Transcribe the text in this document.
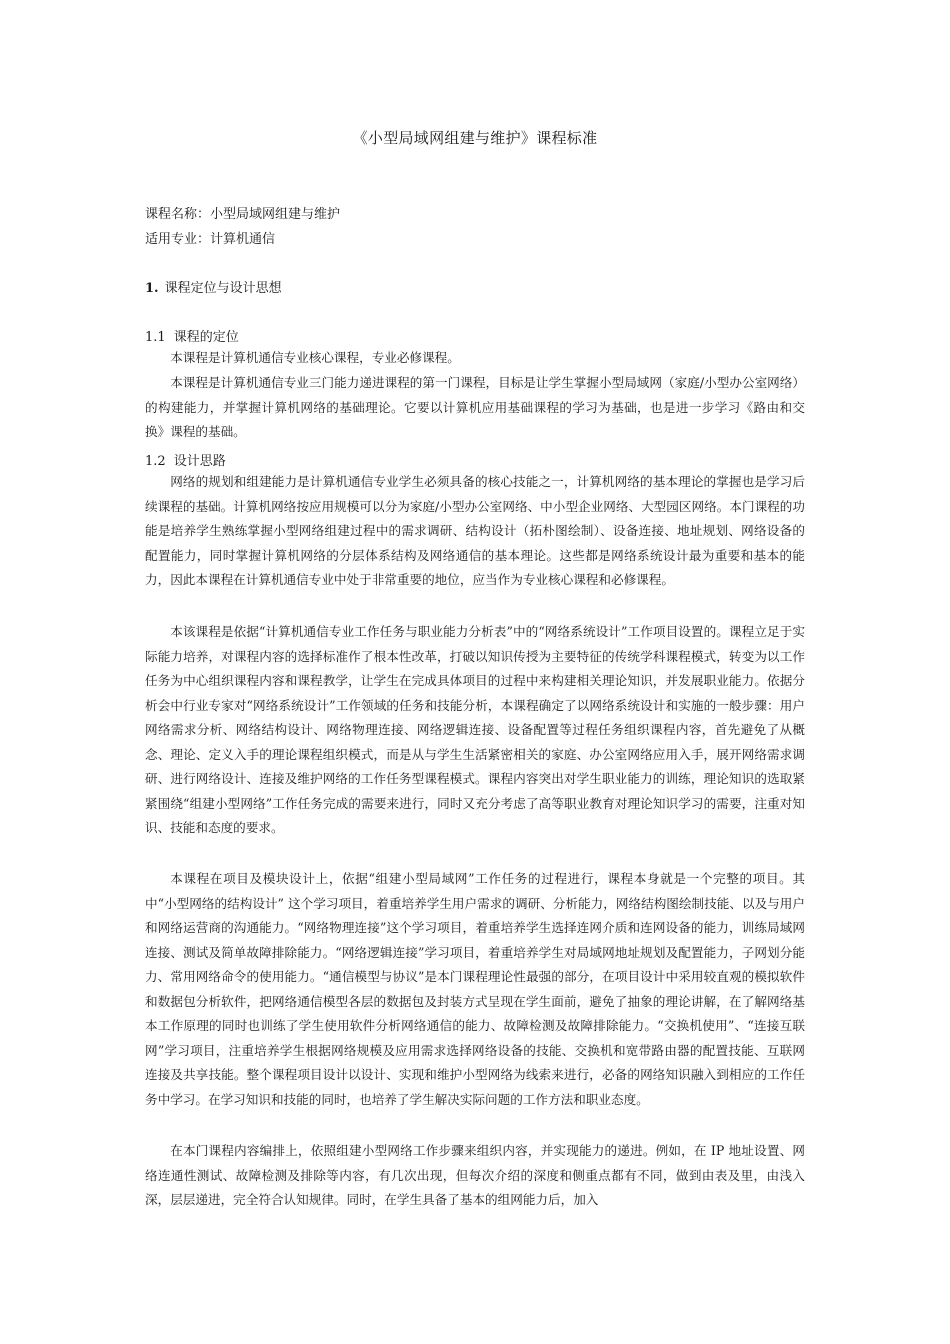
《小型局域网组建与维护》课程标准
课程名称：小型局域网组建与维护
适用专业：计算机通信
1. 课程定位与设计思想
1.1 课程的定位

本课程是计算机通信专业核心课程，专业必修课程。

本课程是计算机通信专业三门能力递进课程的第一门课程，目标是让学生掌握小型局域网（家庭/小型办公室网络）的构建能力，并掌握计算机网络的基础理论。它要以计算机应用基础课程的学习为基础，也是进一步学习《路由和交换》课程的基础。

1.2 设计思路

网络的规划和组建能力是计算机通信专业学生必须具备的核心技能之一，计算机网络的基本理论的掌握也是学习后续课程的基础。计算机网络按应用规模可以分为家庭/小型办公室网络、中小型企业网络、大型园区网络。本门课程的功能是培养学生熟练掌握小型网络组建过程中的需求调研、结构设计（拓朴图绘制）、设备连接、地址规划、网络设备的配置能力，同时掌握计算机网络的分层体系结构及网络通信的基本理论。这些都是网络系统设计最为重要和基本的能力，因此本课程在计算机通信专业中处于非常重要的地位，应当作为专业核心课程和必修课程。

本该课程是依据“计算机通信专业工作任务与职业能力分析表”中的“网络系统设计”工作项目设置的。课程立足于实际能力培养，对课程内容的选择标准作了根本性改革，打破以知识传授为主要特征的传统学科课程模式，转变为以工作任务为中心组织课程内容和课程教学，让学生在完成具体项目的过程中来构建相关理论知识，并发展职业能力。依据分析会中行业专家对“网络系统设计”工作领域的任务和技能分析，本课程确定了以网络系统设计和实施的一般步骤：用户网络需求分析、网络结构设计、网络物理连接、网络逻辑连接、设备配置等过程任务组织课程内容，首先避免了从概念、理论、定义入手的理论课程组织模式，而是从与学生生活紧密相关的家庭、办公室网络应用入手，展开网络需求调研、进行网络设计、连接及维护网络的工作任务型课程模式。课程内容突出对学生职业能力的训练，理论知识的选取紧紧围绕“组建小型网络”工作任务完成的需要来进行，同时又充分考虑了高等职业教育对理论知识学习的需要，注重对知识、技能和态度的要求。

本课程在项目及模块设计上，依据“组建小型局域网”工作任务的过程进行，课程本身就是一个完整的项目。其中“小型网络的结构设计” 这个学习项目，着重培养学生用户需求的调研、分析能力，网络结构图绘制技能、以及与用户和网络运营商的沟通能力。“网络物理连接”这个学习项目，着重培养学生选择连网介质和连网设备的能力，训练局域网连接、测试及简单故障排除能力。“网络逻辑连接”学习项目，着重培养学生对局域网地址规划及配置能力，子网划分能力、常用网络命令的使用能力。“通信模型与协议”是本门课程理论性最强的部分，在项目设计中采用较直观的模拟软件和数据包分析软件，把网络通信模型各层的数据包及封装方式呈现在学生面前，避免了抽象的理论讲解，在了解网络基本工作原理的同时也训练了学生使用软件分析网络通信的能力、故障检测及故障排除能力。“交换机使用”、“连接互联网”学习项目，注重培养学生根据网络规模及应用需求选择网络设备的技能、交换机和宽带路由器的配置技能、互联网连接及共享技能。整个课程项目设计以设计、实现和维护小型网络为线索来进行，必备的网络知识融入到相应的工作任务中学习。在学习知识和技能的同时，也培养了学生解决实际问题的工作方法和职业态度。

在本门课程内容编排上，依照组建小型网络工作步骤来组织内容，并实现能力的递进。例如，在 IP 地址设置、网络连通性测试、故障检测及排除等内容，有几次出现，但每次介绍的深度和侧重点都有不同，做到由表及里，由浅入深，层层递进，完全符合认知规律。同时，在学生具备了基本的组网能力后，加入
